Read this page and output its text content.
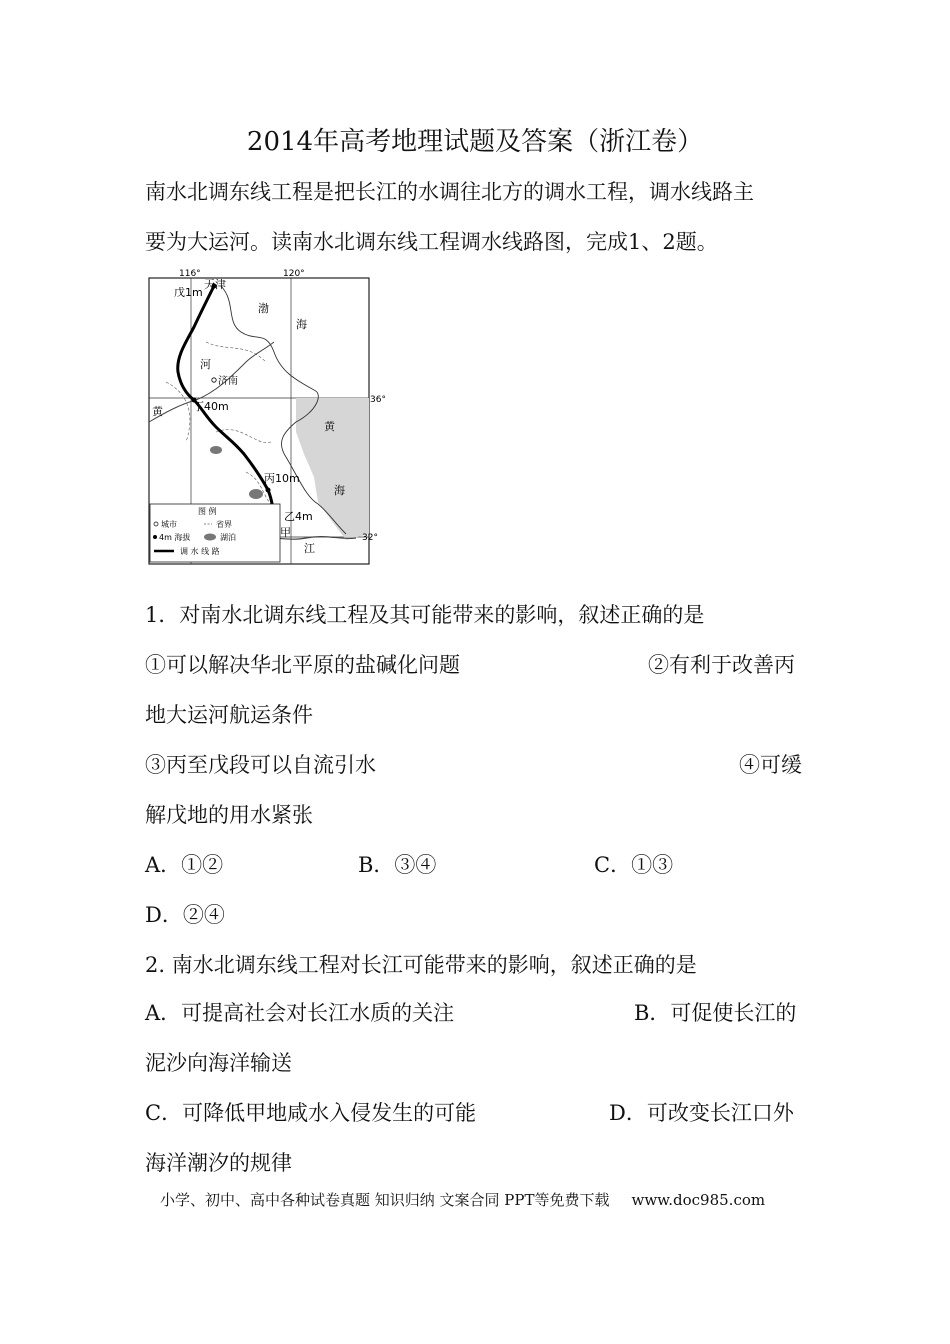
2014年高考地理试题及答案（浙江卷）
南水北调东线工程是把长江的水调往北方的调水工程，调水线路主
要为大运河。读南水北调东线工程调水线路图，完成1、2题。
116°	120°
36°
32°
天津
戊1m
渤
海
河
济南
丁40m
黄
黄
海
丙10m
乙4m
甲
江
图 例
城市	省界
4m 海拔	湖泊
调 水 线 路
1．对南水北调东线工程及其可能带来的影响，叙述正确的是
①可以解决华北平原的盐碱化问题	②有利于改善丙
地大运河航运条件
③丙至戊段可以自流引水	④可缓
解戊地的用水紧张
A．①②	B．③④	C．①③
D．②④
2. 南水北调东线工程对长江可能带来的影响，叙述正确的是
A．可提高社会对长江水质的关注	B．可促使长江的
泥沙向海洋输送
C．可降低甲地咸水入侵发生的可能	D．可改变长江口外
海洋潮汐的规律
小学、初中、高中各种试卷真题 知识归纳 文案合同 PPT等免费下载 www.doc985.com
